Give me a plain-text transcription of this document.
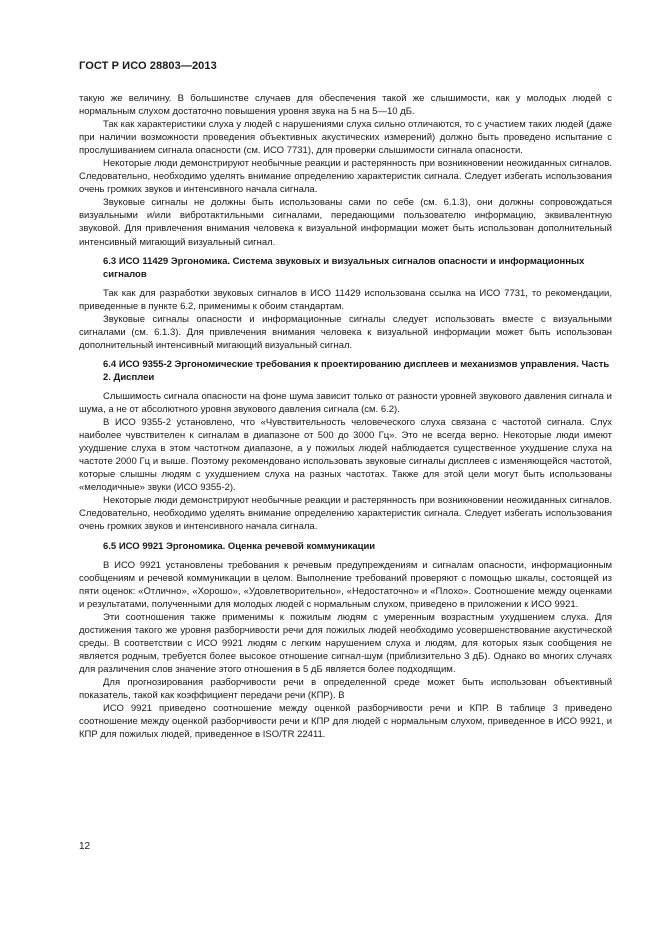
ГОСТ Р ИСО 28803—2013

такую же величину. В большинстве случаев для обеспечения такой же слышимости, как у молодых людей с нормальным слухом достаточно повышения уровня звука на 5 на 5—10 дБ.

Так как характеристики слуха у людей с нарушениями слуха сильно отличаются, то с участием таких людей (даже при наличии возможности проведения объективных акустических измерений) должно быть проведено испытание с прослушиванием сигнала опасности (см. ИСО 7731), для проверки слышимости сигнала опасности.

Некоторые люди демонстрируют необычные реакции и растерянность при возникновении неожиданных сигналов. Следовательно, необходимо уделять внимание определению характеристик сигнала. Следует избегать использования очень громких звуков и интенсивного начала сигнала.

Звуковые сигналы не должны быть использованы сами по себе (см. 6.1.3), они должны сопровождаться визуальными и/или вибротактильными сигналами, передающими пользователю информацию, эквивалентную звуковой. Для привлечения внимания человека к визуальной информации может быть использован дополнительный интенсивный мигающий визуальный сигнал.

6.3 ИСО 11429 Эргономика. Система звуковых и визуальных сигналов опасности и информационных сигналов

Так как для разработки звуковых сигналов в ИСО 11429 использована ссылка на ИСО 7731, то рекомендации, приведенные в пункте 6.2, применимы к обоим стандартам.

Звуковые сигналы опасности и информационные сигналы следует использовать вместе с визуальными сигналами (см. 6.1.3). Для привлечения внимания человека к визуальной информации может быть использован дополнительный интенсивный мигающий визуальный сигнал.

6.4 ИСО 9355-2 Эргономические требования к проектированию дисплеев и механизмов управления. Часть 2. Дисплеи

Слышимость сигнала опасности на фоне шума зависит только от разности уровней звукового давления сигнала и шума, а не от абсолютного уровня звукового давления сигнала (см. 6.2).

В ИСО 9355-2 установлено, что «Чувствительность человеческого слуха связана с частотой сигнала. Слух наиболее чувствителен к сигналам в диапазоне от 500 до 3000 Гц». Это не всегда верно. Некоторые люди имеют ухудшение слуха в этом частотном диапазоне, а у пожилых людей наблюдается существенное ухудшение слуха на частоте 2000 Гц и выше. Поэтому рекомендовано использовать звуковые сигналы дисплеев с изменяющейся частотой, которые слышны людям с ухудшением слуха на разных частотах. Также для этой цели могут быть использованы «мелодичные» звуки (ИСО 9355-2).

Некоторые люди демонстрируют необычные реакции и растерянность при возникновении неожиданных сигналов. Следовательно, необходимо уделять внимание определению характеристик сигнала. Следует избегать использования очень громких звуков и интенсивного начала сигнала.

6.5 ИСО 9921 Эргономика. Оценка речевой коммуникации

В ИСО 9921 установлены требования к речевым предупреждениям и сигналам опасности, информационным сообщениям и речевой коммуникации в целом. Выполнение требований проверяют с помощью шкалы, состоящей из пяти оценок: «Отлично», «Хорошо», «Удовлетворительно», «Недостаточно» и «Плохо». Соотношение между оценками и результатами, полученными для молодых людей с нормальным слухом, приведено в приложении к ИСО 9921.

Эти соотношения также применимы к пожилым людям с умеренным возрастным ухудшением слуха. Для достижения такого же уровня разборчивости речи для пожилых людей необходимо усовершенствование акустической среды. В соответствии с ИСО 9921 людям с легким нарушением слуха и людям, для которых язык сообщения не является родным, требуется более высокое отношение сигнал-шум (приблизительно 3 дБ). Однако во многих случаях для различения слов значение этого отношения в 5 дБ является более подходящим.

Для прогнозирования разборчивости речи в определенной среде может быть использован объективный показатель, такой как коэффициент передачи речи (КПР). В

ИСО 9921 приведено соотношение между оценкой разборчивости речи и КПР. В таблице 3 приведено соотношение между оценкой разборчивости речи и КПР для людей с нормальным слухом, приведенное в ИСО 9921, и КПР для пожилых людей, приведенное в ISO/TR 22411.

12
